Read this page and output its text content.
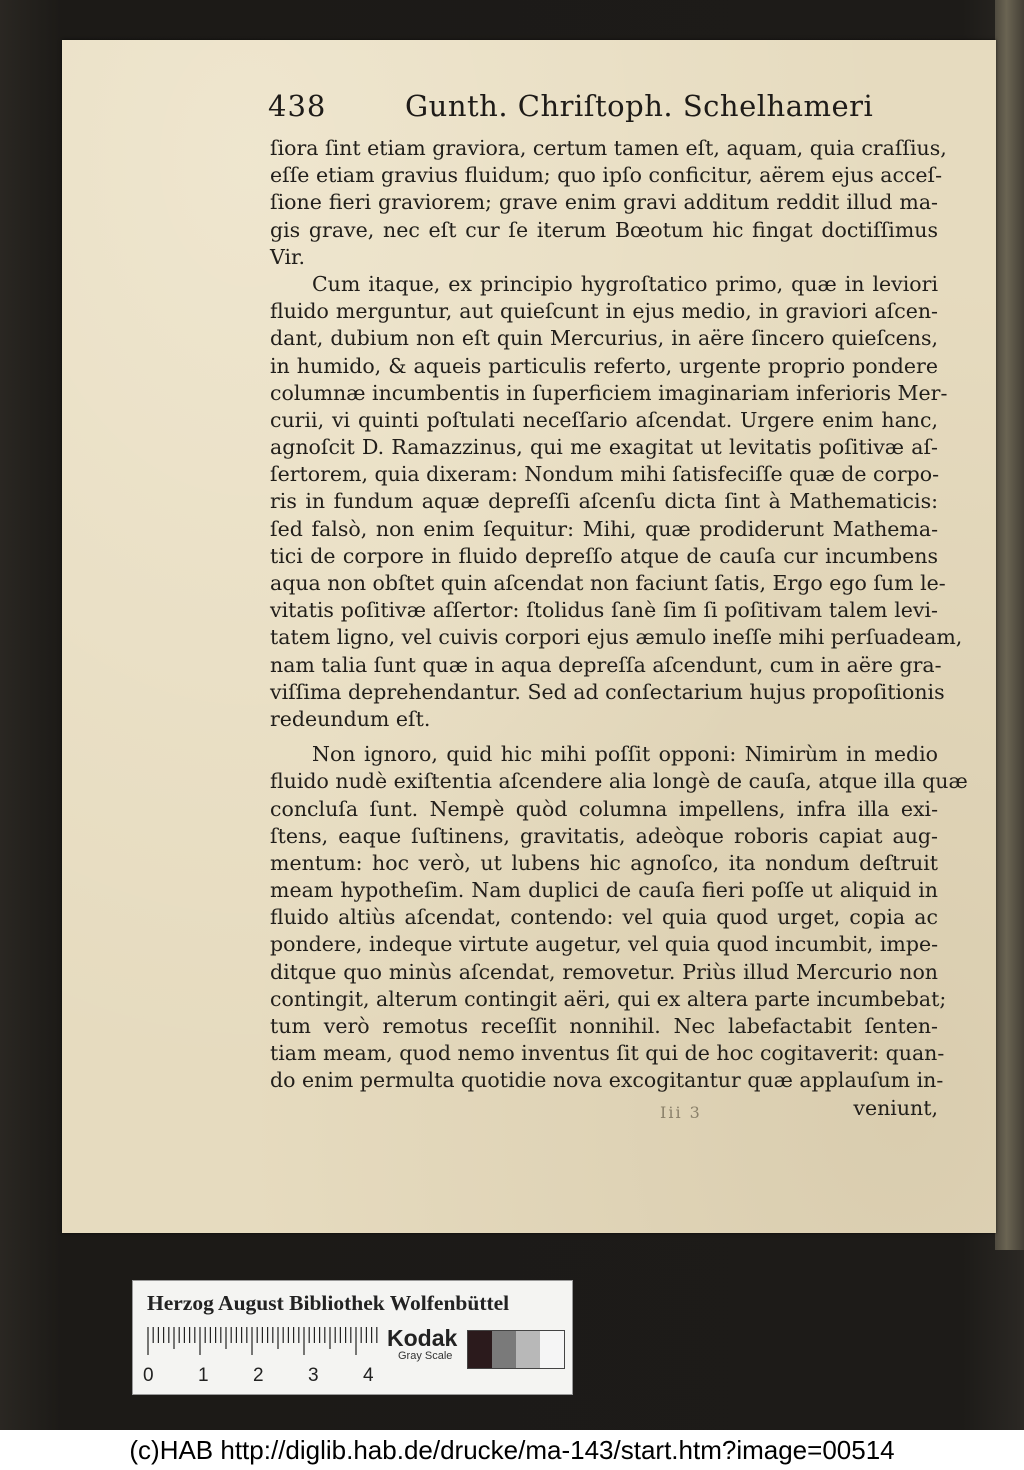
438	Gunth. Chriſtoph. Schelhameri
ſiora ſint etiam graviora, certum tamen eſt, aquam, quia craſſius,
eſſe etiam gravius fluidum; quo ipſo conficitur, aërem ejus acceſ-
ſione fieri graviorem; grave enim gravi additum reddit illud ma-
gis grave, nec eſt cur ſe iterum Bœotum hic fingat doctiſſimus
Vir.
Cum itaque, ex principio hygroſtatico primo, quæ in leviori
fluido merguntur, aut quieſcunt in ejus medio, in graviori aſcen-
dant, dubium non eſt quin Mercurius, in aëre ſincero quieſcens,
in humido, & aqueis particulis referto, urgente proprio pondere
columnæ incumbentis in ſuperficiem imaginariam inferioris Mer-
curii, vi quinti poſtulati neceſſario aſcendat. Urgere enim hanc,
agnoſcit D. Ramazzinus, qui me exagitat ut levitatis poſitivæ aſ-
ſertorem, quia dixeram: Nondum mihi ſatisfeciſſe quæ de corpo-
ris in fundum aquæ depreſſi aſcenſu dicta ſint à Mathematicis:
ſed falsò, non enim ſequitur: Mihi, quæ prodiderunt Mathema-
tici de corpore in fluido depreſſo atque de cauſa cur incumbens
aqua non obſtet quin aſcendat non faciunt ſatis, Ergo ego ſum le-
vitatis poſitivæ aſſertor: ſtolidus ſanè ſim ſi poſitivam talem levi-
tatem ligno, vel cuivis corpori ejus æmulo ineſſe mihi perſuadeam,
nam talia ſunt quæ in aqua depreſſa aſcendunt, cum in aëre gra-
viſſima deprehendantur. Sed ad conſectarium hujus propoſitionis
redeundum eſt.
Non ignoro, quid hic mihi poſſit opponi: Nimirùm in medio
fluido nudè exiſtentia aſcendere alia longè de cauſa, atque illa quæ
concluſa ſunt. Nempè quòd columna impellens, infra illa exi-
ſtens, eaque ſuſtinens, gravitatis, adeòque roboris capiat aug-
mentum: hoc verò, ut lubens hic agnoſco, ita nondum deſtruit
meam hypotheſim. Nam duplici de cauſa fieri poſſe ut aliquid in
fluido altiùs aſcendat, contendo: vel quia quod urget, copia ac
pondere, indeque virtute augetur, vel quia quod incumbit, impe-
ditque quo minùs aſcendat, removetur. Priùs illud Mercurio non
contingit, alterum contingit aëri, qui ex altera parte incumbebat;
tum verò remotus receſſit nonnihil. Nec labefactabit ſenten-
tiam meam, quod nemo inventus ſit qui de hoc cogitaverit: quan-
do enim permulta quotidie nova excogitantur quæ applauſum in-
veniunt,
Iii 3
Herzog August Bibliothek Wolfenbüttel
0 1 2 3 4
Kodak
Gray Scale
(c)HAB http://diglib.hab.de/drucke/ma-143/start.htm?image=00514
